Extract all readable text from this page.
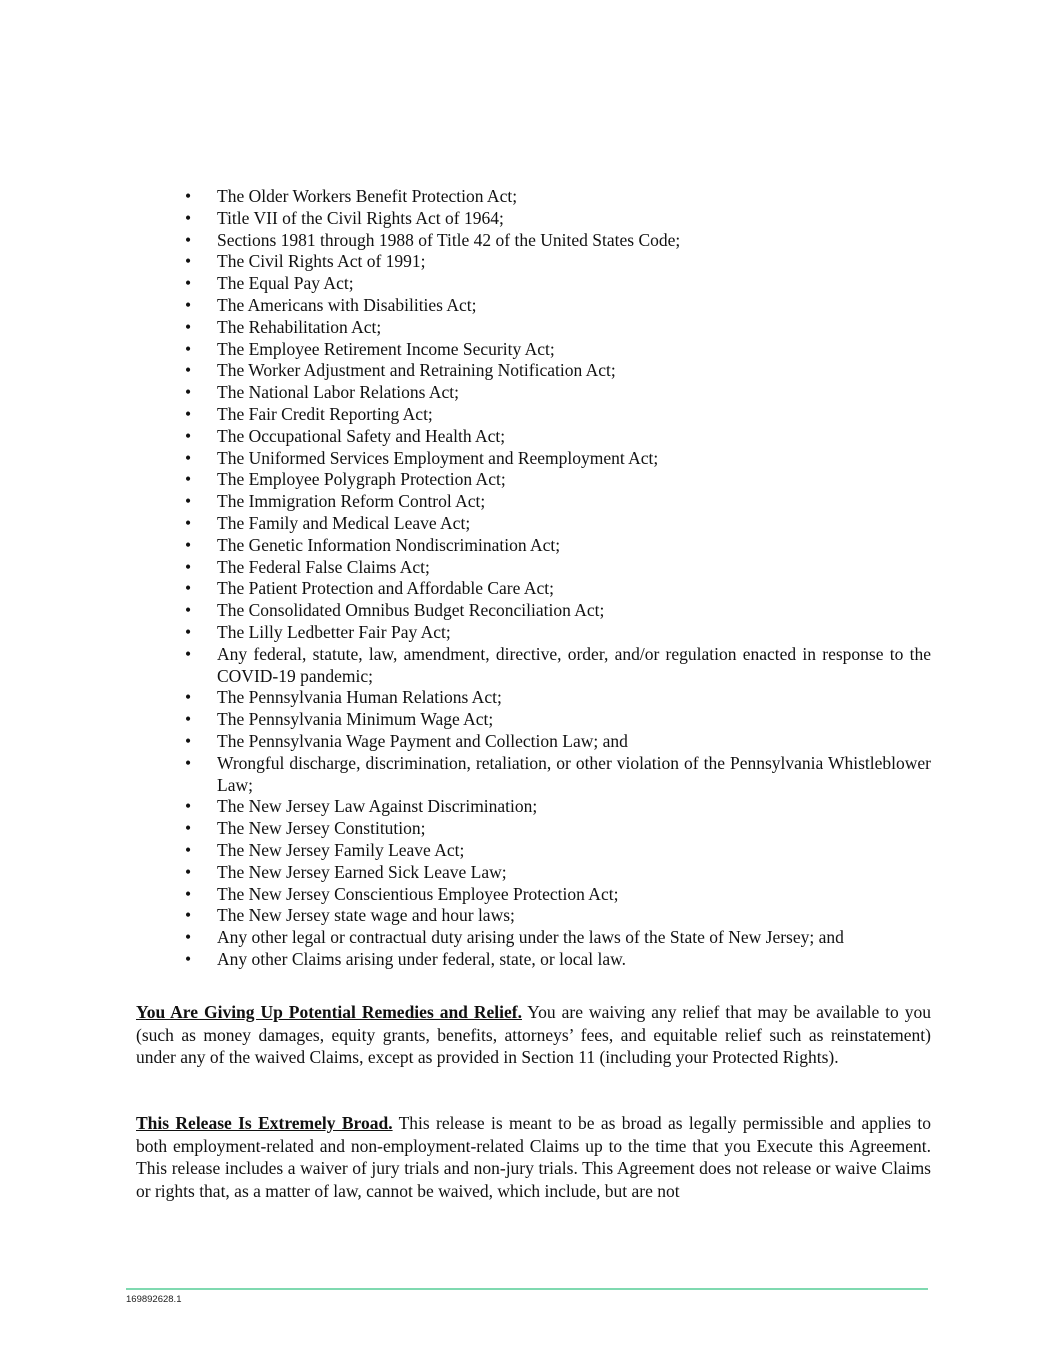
•	The Older Workers Benefit Protection Act;
•	Title VII of the Civil Rights Act of 1964;
•	Sections 1981 through 1988 of Title 42 of the United States Code;
•	The Civil Rights Act of 1991;
•	The Equal Pay Act;
•	The Americans with Disabilities Act;
•	The Rehabilitation Act;
•	The Employee Retirement Income Security Act;
•	The Worker Adjustment and Retraining Notification Act;
•	The National Labor Relations Act;
•	The Fair Credit Reporting Act;
•	The Occupational Safety and Health Act;
•	The Uniformed Services Employment and Reemployment Act;
•	The Employee Polygraph Protection Act;
•	The Immigration Reform Control Act;
•	The Family and Medical Leave Act;
•	The Genetic Information Nondiscrimination Act;
•	The Federal False Claims Act;
•	The Patient Protection and Affordable Care Act;
•	The Consolidated Omnibus Budget Reconciliation Act;
•	The Lilly Ledbetter Fair Pay Act;
•	Any federal, statute, law, amendment, directive, order, and/or regulation enacted in response to the COVID-19 pandemic;
•	The Pennsylvania Human Relations Act;
•	The Pennsylvania Minimum Wage Act;
•	The Pennsylvania Wage Payment and Collection Law; and
•	Wrongful discharge, discrimination, retaliation, or other violation of the Pennsylvania Whistleblower Law;
•	The New Jersey Law Against Discrimination;
•	The New Jersey Constitution;
•	The New Jersey Family Leave Act;
•	The New Jersey Earned Sick Leave Law;
•	The New Jersey Conscientious Employee Protection Act;
•	The New Jersey state wage and hour laws;
•	Any other legal or contractual duty arising under the laws of the State of New Jersey; and
•	Any other Claims arising under federal, state, or local law.

You Are Giving Up Potential Remedies and Relief. You are waiving any relief that may be available to you (such as money damages, equity grants, benefits, attorneys’ fees, and equitable relief such as reinstatement) under any of the waived Claims, except as provided in Section 11 (including your Protected Rights).

This Release Is Extremely Broad. This release is meant to be as broad as legally permissible and applies to both employment-related and non-employment-related Claims up to the time that you Execute this Agreement. This release includes a waiver of jury trials and non-jury trials. This Agreement does not release or waive Claims or rights that, as a matter of law, cannot be waived, which include, but are not

169892628.1
